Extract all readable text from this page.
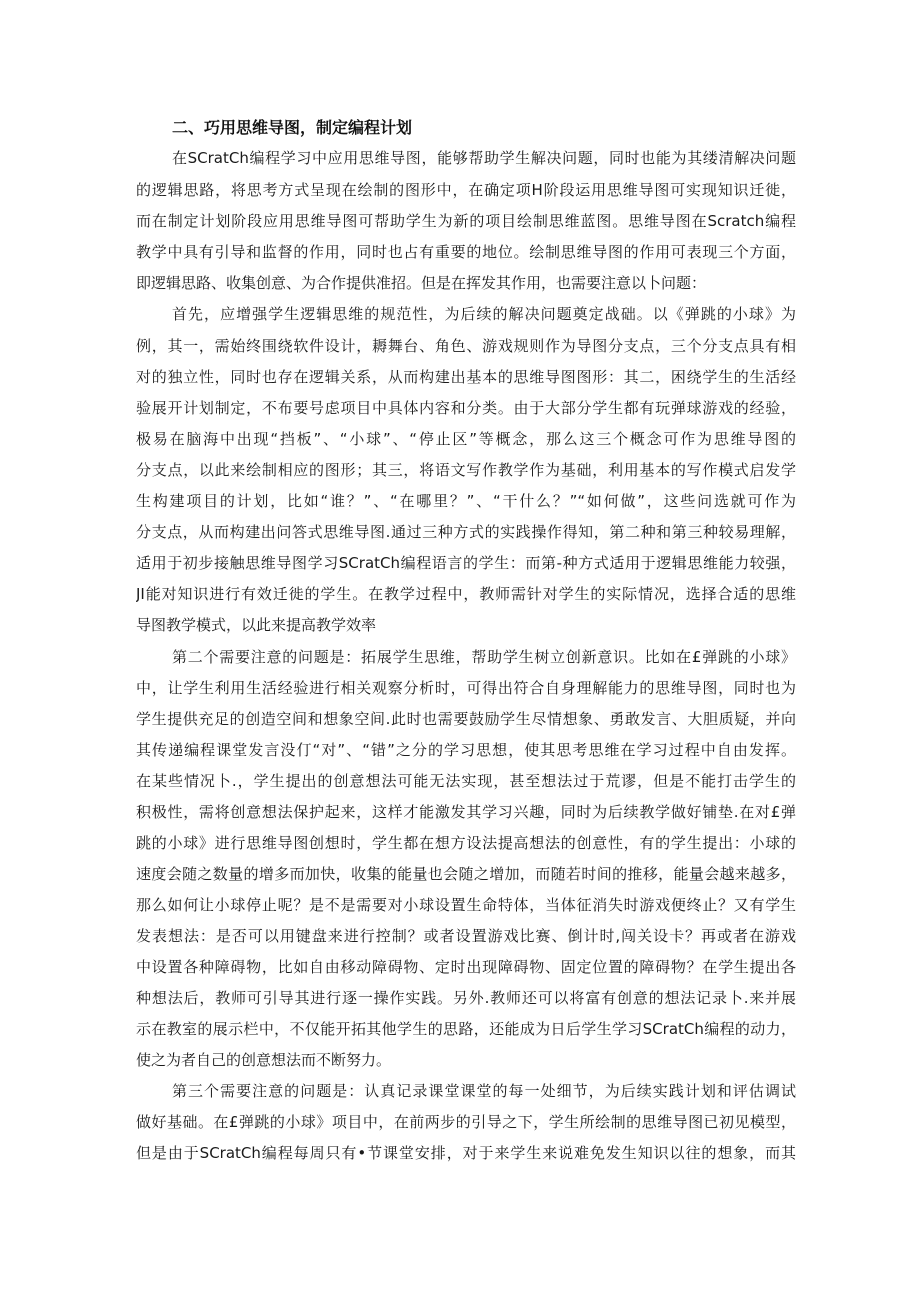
二、巧用思维导图，制定编程计划
在SCratCh编程学习中应用思维导图，能够帮助学生解决问题，同时也能为其缕清解决问题
的逻辑思路，将思考方式呈现在绘制的图形中，在确定项H阶段运用思维导图可实现知识迁徙，
而在制定计划阶段应用思维导图可帮助学生为新的项目绘制思维蓝图。思维导图在Scratch编程
教学中具有引导和监督的作用，同时也占有重要的地位。绘制思维导图的作用可表现三个方面，
即逻辑思路、收集创意、为合作提供准招。但是在挥发其作用，也需要注意以卜问题：
首先，应增强学生逻辑思维的规范性，为后续的解决问题奠定战础。以《弹跳的小球》为
例，其一，需始终围绕软件设计，耨舞台、角色、游戏规则作为导图分支点，三个分支点具有相
对的独立性，同时也存在逻辑关系，从而构建出基本的思维导图图形：其二，困绕学生的生活经
验展开计划制定，不布要号虑项目中具体内容和分类。由于大部分学生都有玩弹球游戏的经验，
极易在脑海中出现“挡板”、“小球”、“停止区”等概念，那么这三个概念可作为思维导图的
分支点，以此来绘制相应的图形；其三，将语文写作教学作为基础，利用基本的写作模式启发学
生构建项目的计划，比如“谁？”、“在哪里？”、“干什么？”“如何做”，这些问选就可作为
分支点，从而构建出问答式思维导图.通过三种方式的实践操作得知，第二种和第三种较易理解，
适用于初步接触思维导图学习SCratCh编程语言的学生：而第-种方式适用于逻辑思维能力较强，
JI能对知识进行有效迁徙的学生。在教学过程中，教师需针对学生的实际情况，选择合适的思维
导图教学模式，以此来提高教学效率
第二个需要注意的问题是：拓展学生思维，帮助学生树立创新意识。比如在£弹跳的小球》
中，让学生利用生活经验进行相关观察分析时，可得出符合自身理解能力的思维导图，同时也为
学生提供充足的创造空间和想象空间.此时也需要鼓励学生尽情想象、勇敢发言、大胆质疑，并向
其传递编程课堂发言没仃“对”、“错”之分的学习思想，使其思考思维在学习过程中自由发挥。
在某些情况卜.，学生提出的创意想法可能无法实现，甚至想法过于荒谬，但是不能打击学生的
积极性，需将创意想法保护起来，这样才能激发其学习兴趣，同时为后续教学做好铺垫.在对£弹
跳的小球》进行思维导图创想时，学生都在想方设法提高想法的创意性，有的学生提出：小球的
速度会随之数量的增多而加快，收集的能量也会随之增加，而随若时间的推移，能量会越来越多，
那么如何让小球停止呢？是不是需要对小球设置生命特体，当体征消失时游戏便终止？又有学生
发表想法：是否可以用键盘来进行控制？或者设置游戏比赛、倒计时,闯关设卡？再或者在游戏
中设置各种障碍物，比如自由移动障碍物、定时出现障碍物、固定位置的障碍物？在学生提出各
种想法后，教师可引导其进行逐一操作实践。另外.教师还可以将富有创意的想法记录卜.来并展
示在教室的展示栏中，不仅能开拓其他学生的思路，还能成为日后学生学习SCratCh编程的动力，
使之为者自己的创意想法而不断努力。
第三个需要注意的问题是：认真记录课堂课堂的每一处细节，为后续实践计划和评估调试
做好基础。在£弹跳的小球》项目中，在前两步的引导之下，学生所绘制的思维导图已初见模型，
但是由于SCratCh编程每周只有•节课堂安排，对于来学生来说难免发生知识以往的想象，而其
